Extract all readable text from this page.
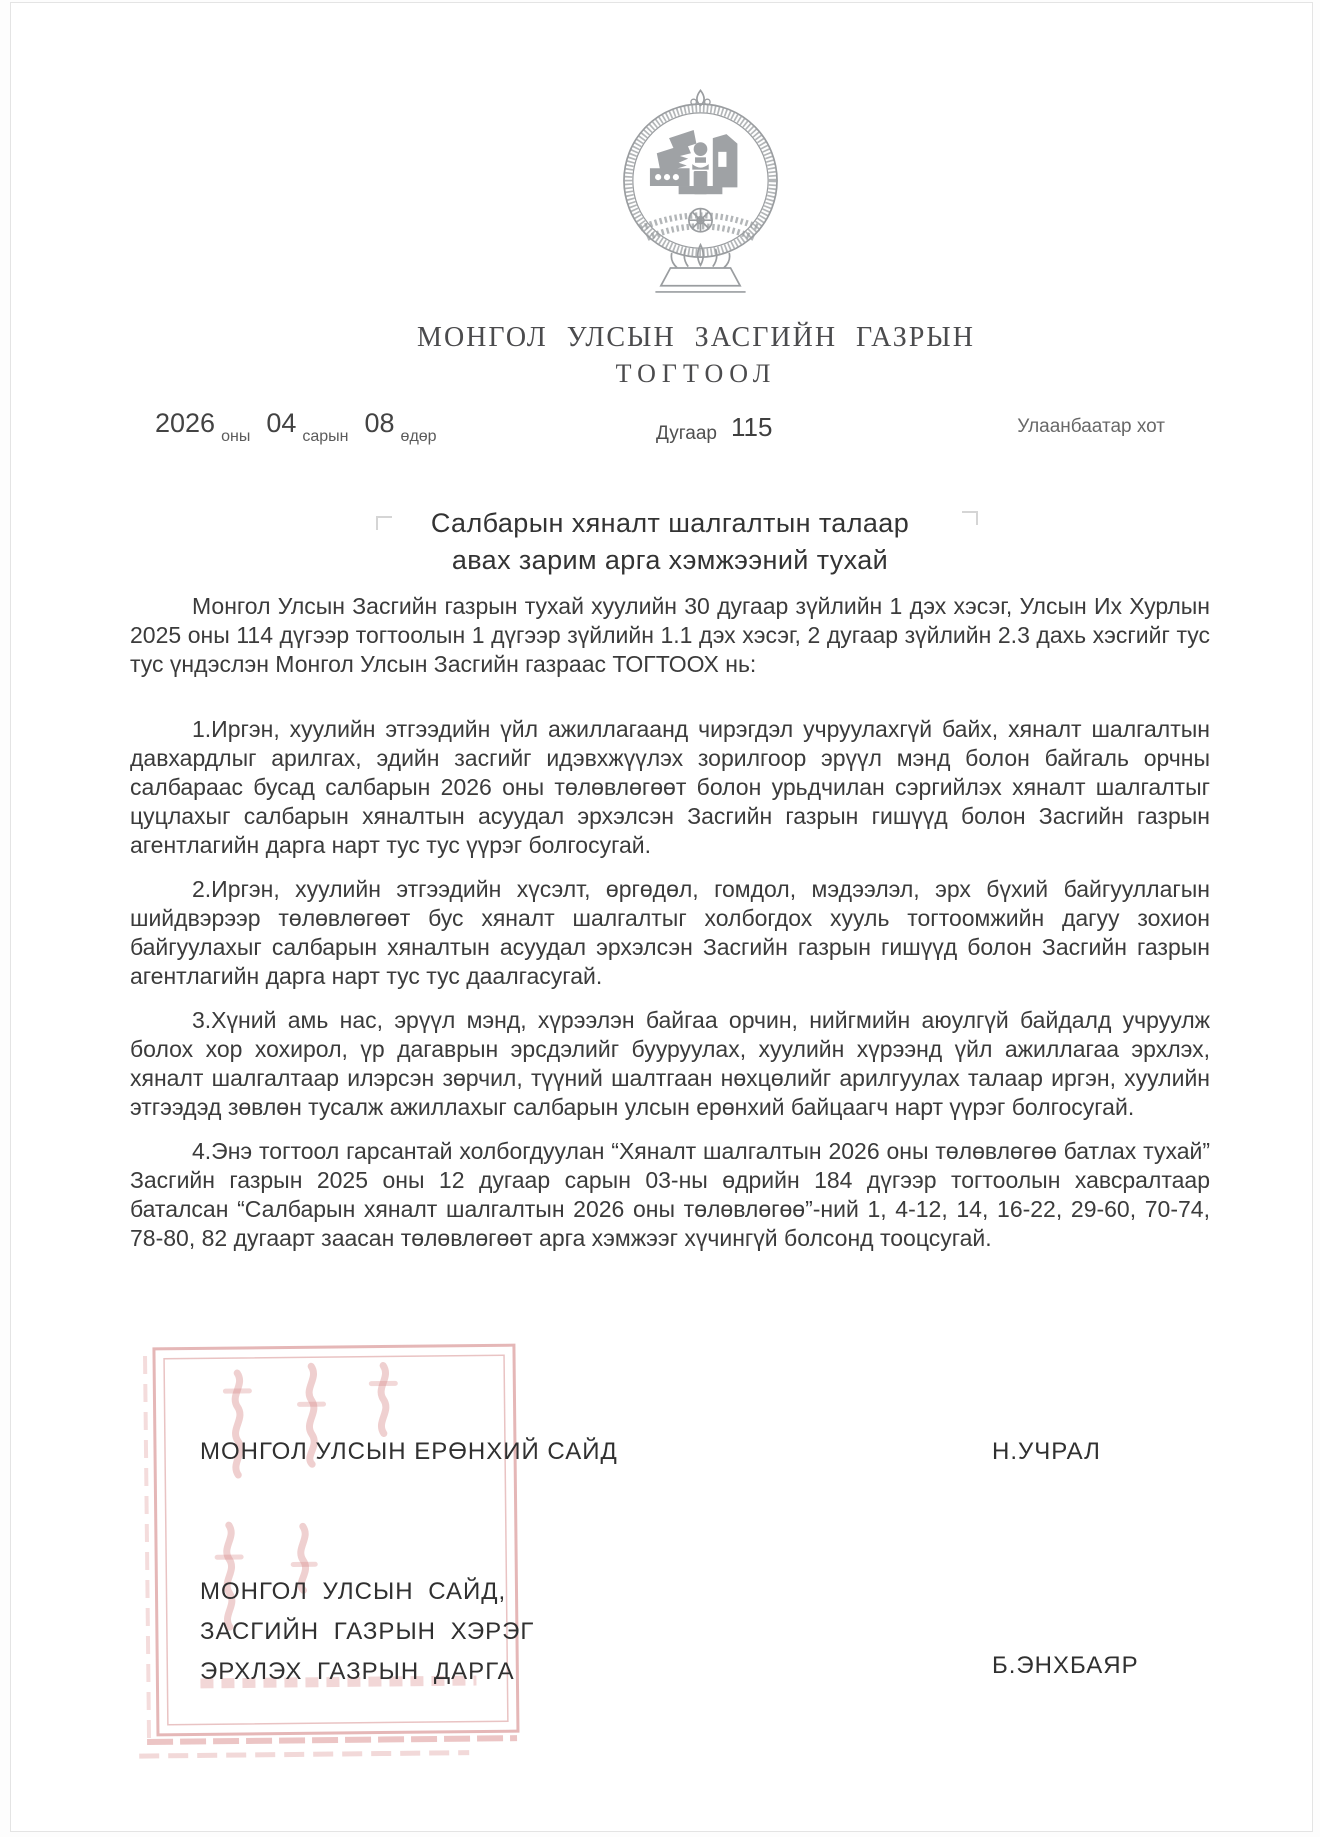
МОНГОЛ УЛСЫН ЗАСГИЙН ГАЗРЫН
ТОГТООЛ
2026 $_{оны}$ 04 $_{сарын}$ 08 $_{өдөр}$	Дугаар 115	Улаанбаатар хот
Салбарын хяналт шалгалтын талаар
авах зарим арга хэмжээний тухай

Монгол Улсын Засгийн газрын тухай хуулийн 30 дугаар зүйлийн 1 дэх хэсэг, Улсын Их Хурлын 2025 оны 114 дүгээр тогтоолын 1 дүгээр зүйлийн 1.1 дэх хэсэг, 2 дугаар зүйлийн 2.3 дахь хэсгийг тус тус үндэслэн Монгол Улсын Засгийн газраас ТОГТООХ нь:

1.Иргэн, хуулийн этгээдийн үйл ажиллагаанд чирэгдэл учруулахгүй байх, хяналт шалгалтын давхардлыг арилгах, эдийн засгийг идэвхжүүлэх зорилгоор эрүүл мэнд болон байгаль орчны салбараас бусад салбарын 2026 оны төлөвлөгөөт болон урьдчилан сэргийлэх хяналт шалгалтыг цуцлахыг салбарын хяналтын асуудал эрхэлсэн Засгийн газрын гишүүд болон Засгийн газрын агентлагийн дарга нарт тус тус үүрэг болгосугай.

2.Иргэн, хуулийн этгээдийн хүсэлт, өргөдөл, гомдол, мэдээлэл, эрх бүхий байгууллагын шийдвэрээр төлөвлөгөөт бус хяналт шалгалтыг холбогдох хууль тогтоомжийн дагуу зохион байгуулахыг салбарын хяналтын асуудал эрхэлсэн Засгийн газрын гишүүд болон Засгийн газрын агентлагийн дарга нарт тус тус даалгасугай.

3.Хүний амь нас, эрүүл мэнд, хүрээлэн байгаа орчин, нийгмийн аюулгүй байдалд учруулж болох хор хохирол, үр дагаврын эрсдэлийг бууруулах, хуулийн хүрээнд үйл ажиллагаа эрхлэх, хяналт шалгалтаар илэрсэн зөрчил, түүний шалтгаан нөхцөлийг арилгуулах талаар иргэн, хуулийн этгээдэд зөвлөн тусалж ажиллахыг салбарын улсын ерөнхий байцаагч нарт үүрэг болгосугай.

4.Энэ тогтоол гарсантай холбогдуулан “Хяналт шалгалтын 2026 оны төлөвлөгөө батлах тухай” Засгийн газрын 2025 оны 12 дугаар сарын 03-ны өдрийн 184 дүгээр тогтоолын хавсралтаар баталсан “Салбарын хяналт шалгалтын 2026 оны төлөвлөгөө”-ний 1, 4-12, 14, 16-22, 29-60, 70-74, 78-80, 82 дугаарт заасан төлөвлөгөөт арга хэмжээг хүчингүй болсонд тооцсугай.

МОНГОЛ УЛСЫН ЕРӨНХИЙ САЙД	Н.УЧРАЛ
МОНГОЛ УЛСЫН САЙД,
ЗАСГИЙН ГАЗРЫН ХЭРЭГ
ЭРХЛЭХ ГАЗРЫН ДАРГА	Б.ЭНХБАЯР
